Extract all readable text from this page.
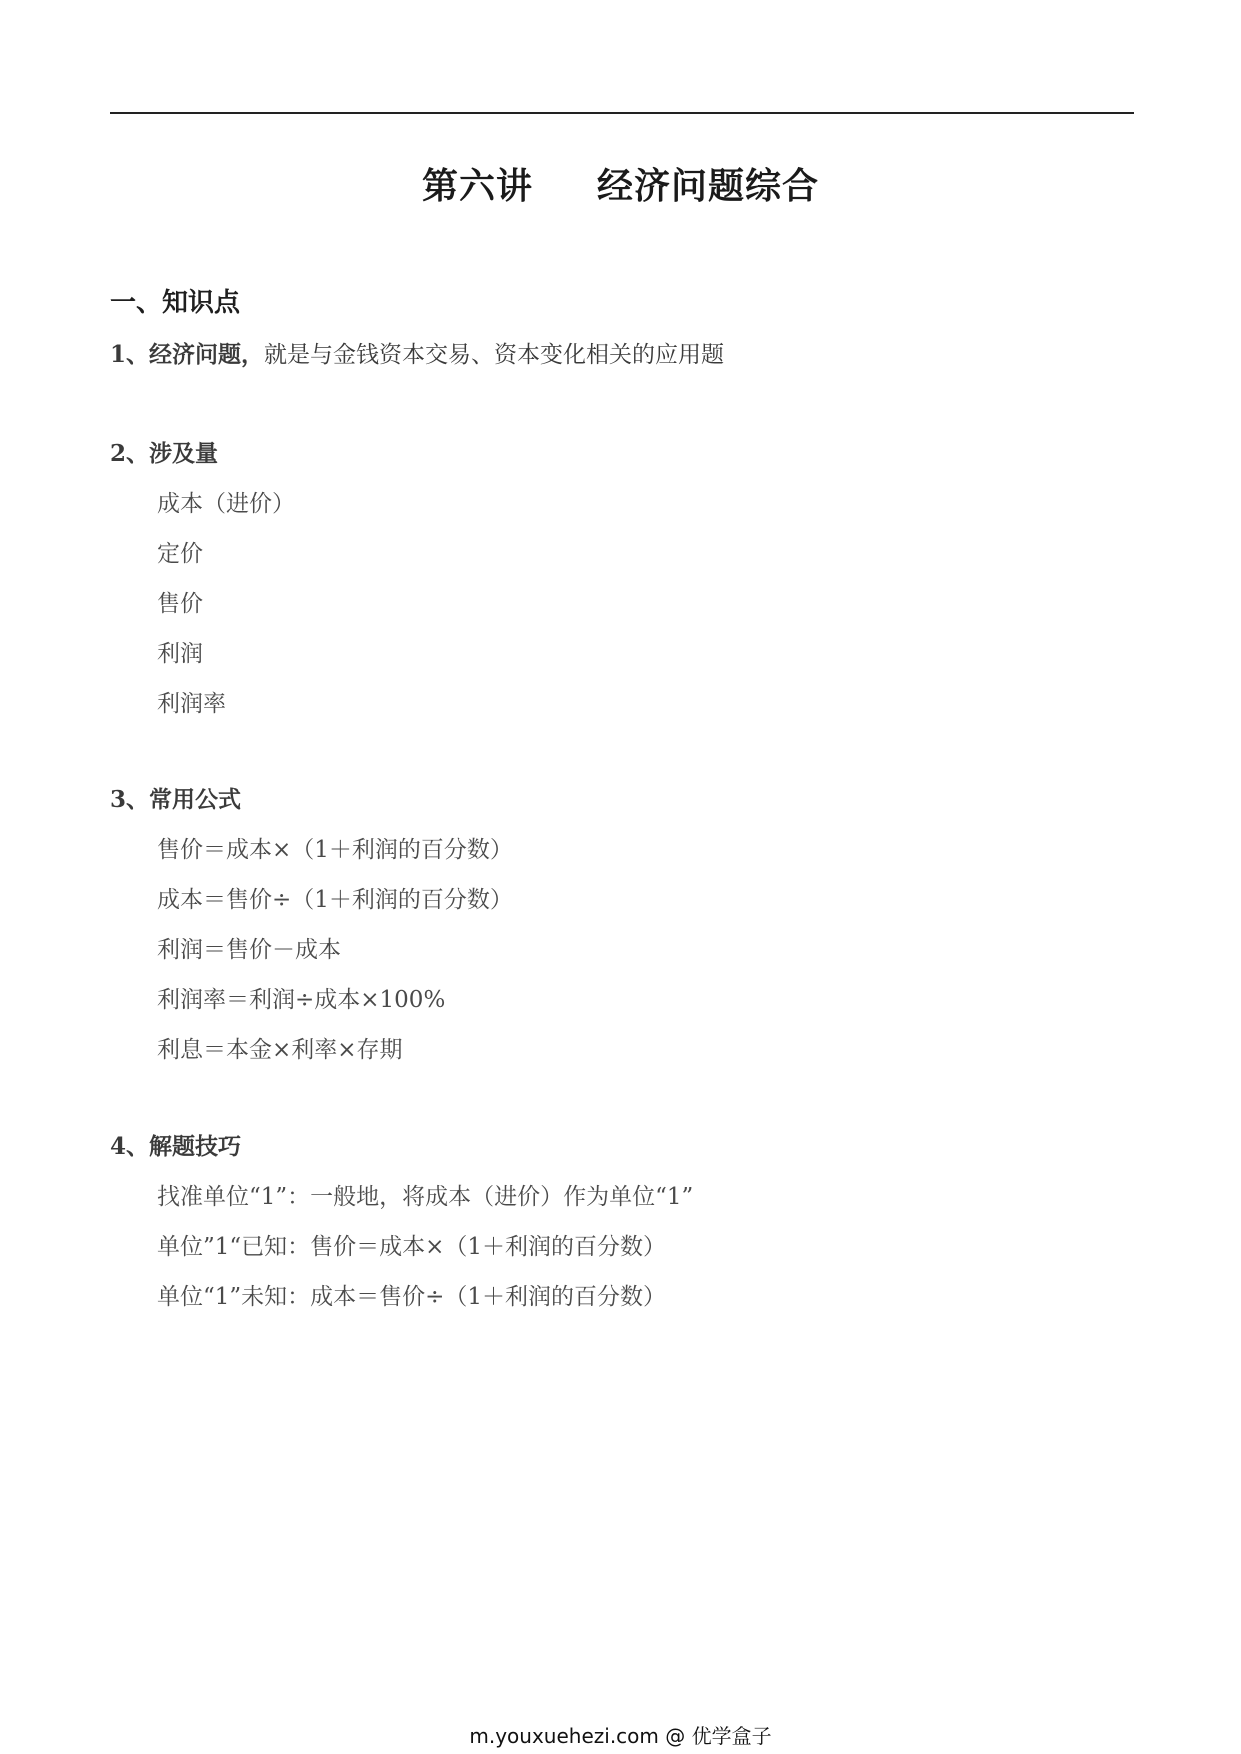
第六讲 经济问题综合
一、知识点
1、经济问题，就是与金钱资本交易、资本变化相关的应用题
2、涉及量
成本（进价）
定价
售价
利润
利润率
3、常用公式
售价＝成本×（1＋利润的百分数）
成本＝售价÷（1＋利润的百分数）
利润＝售价－成本
利润率＝利润÷成本×100%
利息＝本金×利率×存期
4、解题技巧
找准单位“1”：一般地，将成本（进价）作为单位“1”
单位”1“已知：售价＝成本×（1＋利润的百分数）
单位“1”未知：成本＝售价÷（1＋利润的百分数）
m.youxuehezi.com @ 优学盒子
